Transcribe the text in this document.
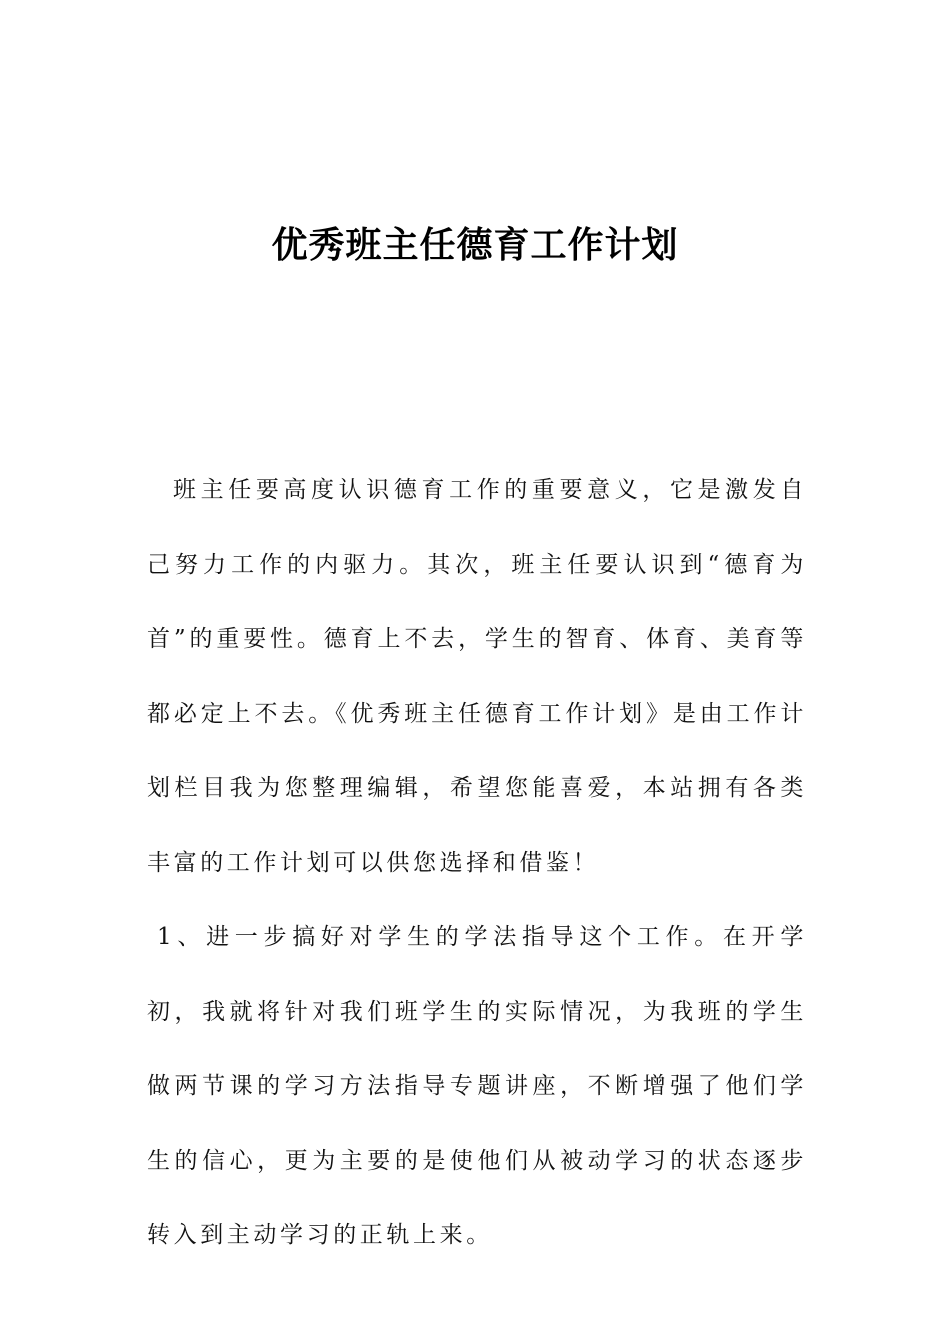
优秀班主任德育工作计划

班主任要高度认识德育工作的重要意义，它是激发自己努力工作的内驱力。其次，班主任要认识到“德育为首”的重要性。德育上不去，学生的智育、体育、美育等都必定上不去。《优秀班主任德育工作计划》是由工作计划栏目我为您整理编辑，希望您能喜爱，本站拥有各类丰富的工作计划可以供您选择和借鉴！

1、进一步搞好对学生的学法指导这个工作。在开学初，我就将针对我们班学生的实际情况，为我班的学生做两节课的学习方法指导专题讲座，不断增强了他们学生的信心，更为主要的是使他们从被动学习的状态逐步转入到主动学习的正轨上来。
